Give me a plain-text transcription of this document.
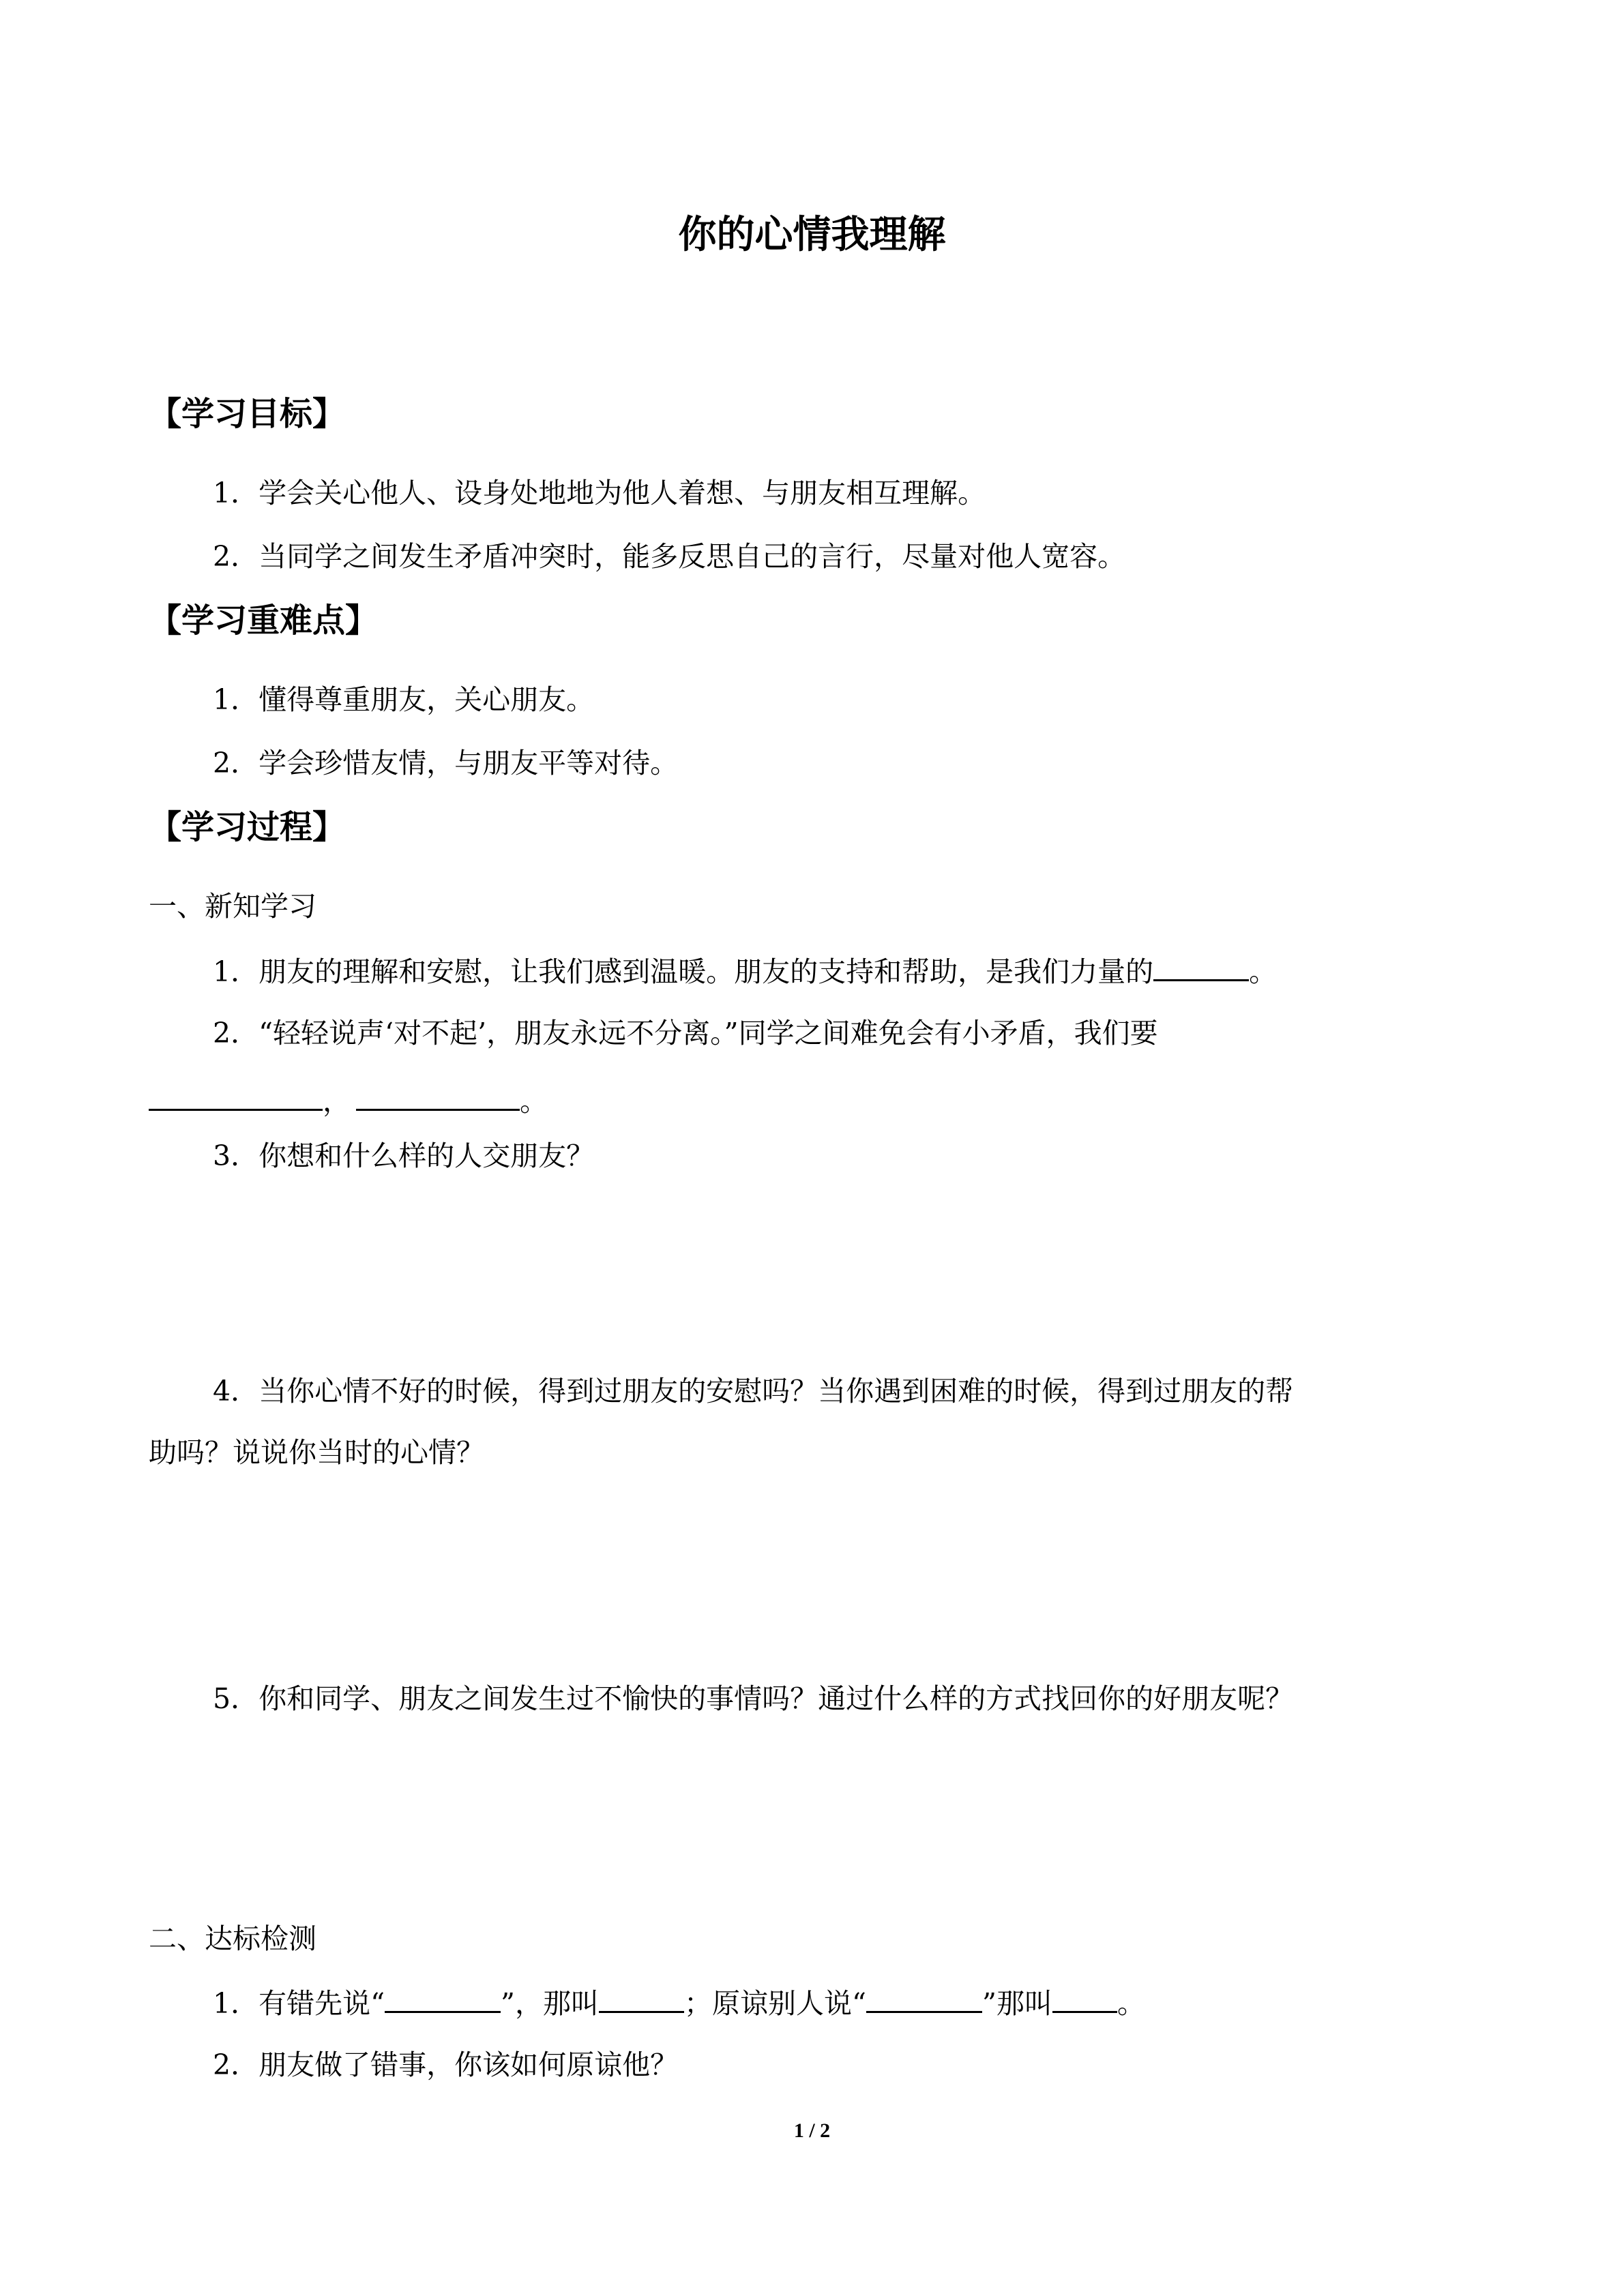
你的心情我理解
【学习目标】

1．学会关心他人、设身处地地为他人着想、与朋友相互理解。

2．当同学之间发生矛盾冲突时，能多反思自己的言行，尽量对他人宽容。

【学习重难点】

1．懂得尊重朋友，关心朋友。

2．学会珍惜友情，与朋友平等对待。

【学习过程】

一、新知学习

1．朋友的理解和安慰，让我们感到温暖。朋友的支持和帮助，是我们力量的	。

2．“轻轻说声‘对不起’，朋友永远不分离。”同学之间难免会有小矛盾，我们要

，	。

3．你想和什么样的人交朋友？

4．当你心情不好的时候，得到过朋友的安慰吗？当你遇到困难的时候，得到过朋友的帮

助吗？说说你当时的心情？

5．你和同学、朋友之间发生过不愉快的事情吗？通过什么样的方式找回你的好朋友呢？

二、达标检测

1．有错先说“	”，那叫	；原谅别人说“	”那叫 。

2．朋友做了错事，你该如何原谅他？

1 / 2
